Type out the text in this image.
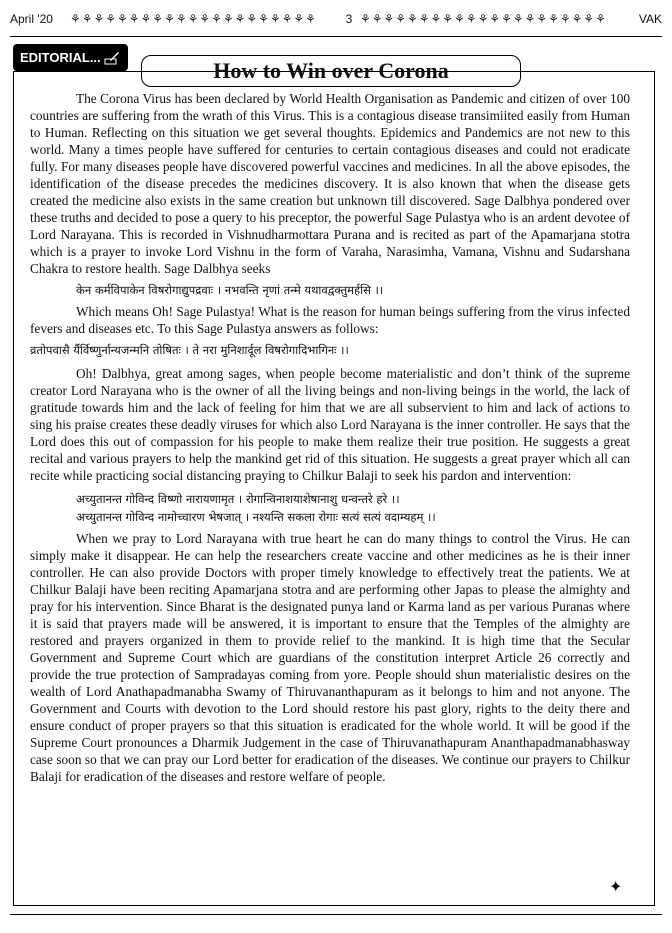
April '20	⚘⚘⚘⚘⚘⚘⚘⚘⚘⚘⚘⚘⚘⚘⚘⚘⚘⚘⚘⚘⚘	3 ⚘⚘⚘⚘⚘⚘⚘⚘⚘⚘⚘⚘⚘⚘⚘⚘⚘⚘⚘⚘⚘	VAK
EDITORIAL...
How to Win over Corona

The Corona Virus has been declared by World Health Organisation as Pandemic and citizen of over 100 countries are suffering from the wrath of this Virus. This is a contagious disease transimiited easily from Human to Human. Reflecting on this situation we get several thoughts. Epidemics and Pandemics are not new to this world. Many a times people have suffered for centuries to certain contagious diseases and could not eradicate fully. For many diseases people have discovered powerful vaccines and medicines. In all the above episodes, the identification of the disease precedes the medicines discovery. It is also known that when the disease gets created the medicine also exists in the same creation but unknown till discovered. Sage Dalbhya pondered over these truths and decided to pose a query to his preceptor, the powerful Sage Pulastya who is an ardent devotee of Lord Narayana. This is recorded in Vishnudharmottara Purana and is recited as part of the Apamarjana stotra which is a prayer to invoke Lord Vishnu in the form of Varaha, Narasimha, Vamana, Vishnu and Sudarshana Chakra to restore health. Sage Dalbhya seeks

केन कर्मविपाकेन विषरोगाद्युपद्रवाः । नभवन्ति नृणां तन्मे यथावद्वक्तुमर्हसि ।।

Which means Oh! Sage Pulastya! What is the reason for human beings suffering from the virus infected fevers and diseases etc. To this Sage Pulastya answers as follows:

व्रतोपवासै र्यैर्विष्णुर्नान्यजन्मनि तोषितः । ते नरा मुनिशार्दूल विषरोगादिभागिनः ।।

Oh! Dalbhya, great among sages, when people become materialistic and don’t think of the supreme creator Lord Narayana who is the owner of all the living beings and non-living beings in the world, the lack of gratitude towards him and the lack of feeling for him that we are all subservient to him and lack of actions to sing his praise creates these deadly viruses for which also Lord Narayana is the inner controller. He says that the Lord does this out of compassion for his people to make them realize their true position. He suggests a great recital and various prayers to help the mankind get rid of this situation. He suggests a great prayer which all can recite while practicing social distancing praying to Chilkur Balaji to seek his pardon and intervention:

अच्युतानन्त गोविन्द विष्णो नारायणामृत । रोगान्विनाशयाशेषानाशु धन्वन्तरे हरे ।।
अच्युतानन्त गोविन्द नामोच्चारण भेषजात् । नश्यन्ति सकला रोगाः सत्यं सत्यं वदाम्यहम् ।।

When we pray to Lord Narayana with true heart he can do many things to control the Virus. He can simply make it disappear. He can help the researchers create vaccine and other medicines as he is their inner controller. He can also provide Doctors with proper timely knowledge to effectively treat the patients. We at Chilkur Balaji have been reciting Apamarjana stotra and are performing other Japas to please the almighty and pray for his intervention. Since Bharat is the designated punya land or Karma land as per various Puranas where it is said that prayers made will be answered, it is important to ensure that the Temples of the almighty are restored and prayers organized in them to provide relief to the mankind. It is high time that the Secular Government and Supreme Court which are guardians of the constitution interpret Article 26 correctly and provide the true protection of Sampradayas coming from yore. People should shun materialistic desires on the wealth of Lord Anathapadmanabha Swamy of Thiruvananthapuram as it belongs to him and not anyone. The Government and Courts with devotion to the Lord should restore his past glory, rights to the deity there and ensure conduct of proper prayers so that this situation is eradicated for the whole world. It will be good if the Supreme Court pronounces a Dharmik Judgement in the case of Thiruvanathapuram Ananthapadmanabhasway case soon so that we can pray our Lord better for eradication of the diseases. We continue our prayers to Chilkur Balaji for eradication of the diseases and restore welfare of people.

✦
